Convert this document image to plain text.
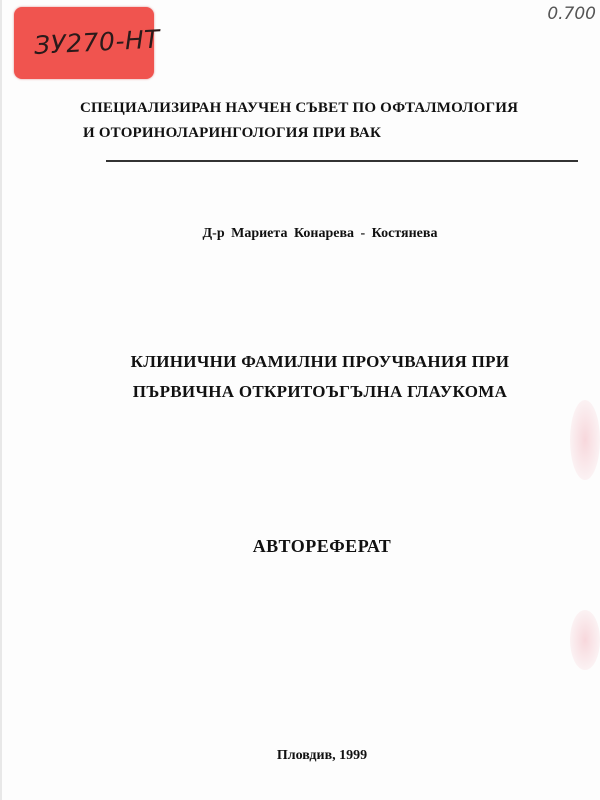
ЗУ270-НТ
0.700
СПЕЦИАЛИЗИРАН НАУЧЕН СЪВЕТ ПО ОФТАЛМОЛОГИЯ
И ОТОРИНОЛАРИНГОЛОГИЯ ПРИ ВАК
Д-р Мариета Конарева - Костянева
КЛИНИЧНИ ФАМИЛНИ ПРОУЧВАНИЯ ПРИ
ПЪРВИЧНА ОТКРИТОЪГЪЛНА ГЛАУКОМА
АВТОРЕФЕРАТ
Пловдив, 1999
